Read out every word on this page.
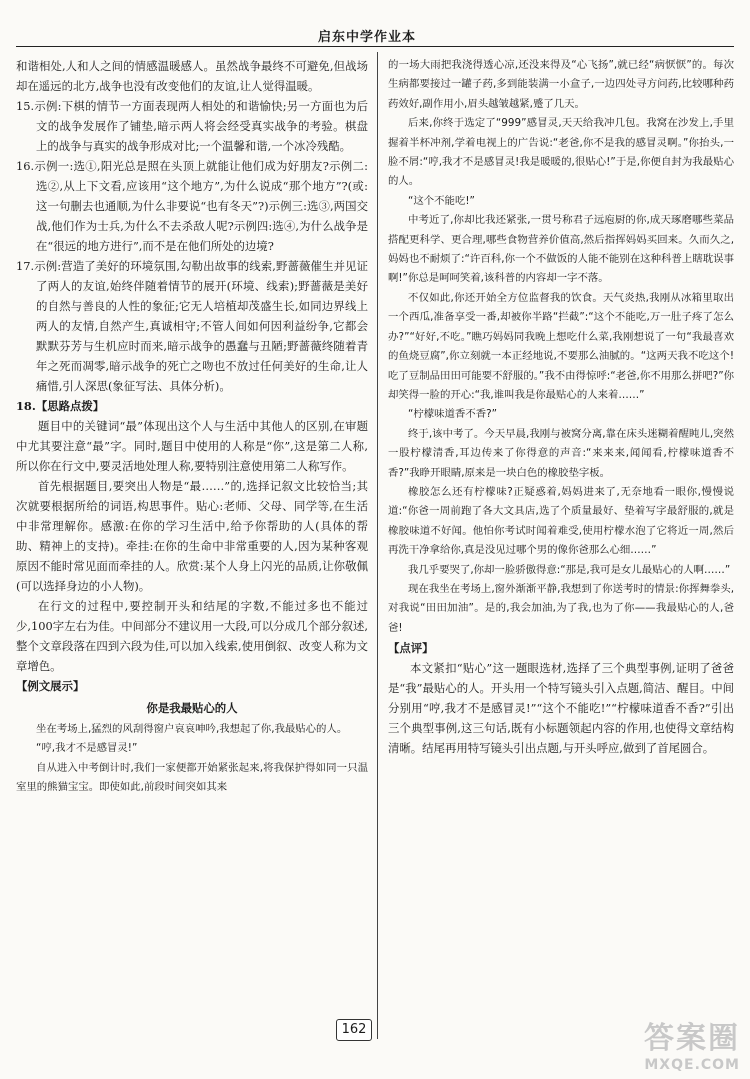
启东中学作业本

和谐相处,人和人之间的情感温暖感人。虽然战争最终不可避免,但战场却在遥远的北方,战争也没有改变他们的友谊,让人觉得温暖。

15.示例:下棋的情节一方面表现两人相处的和谐愉快;另一方面也为后文的战争发展作了铺垫,暗示两人将会经受真实战争的考验。棋盘上的战争与真实的战争形成对比;一个温馨和谐,一个冰冷残酷。

16.示例一:选①,阳光总是照在头顶上就能让他们成为好朋友?示例二:选②,从上下文看,应该用“这个地方”,为什么说成“那个地方”?(或:这一句删去也通顺,为什么非要说“也有冬天”?)示例三:选③,两国交战,他们作为士兵,为什么不去杀敌人呢?示例四:选④,为什么战争是在“很远的地方进行”,而不是在他们所处的边境?

17.示例:营造了美好的环境氛围,勾勒出故事的线索,野蔷薇催生并见证了两人的友谊,始终伴随着情节的展开(环境、线索);野蔷薇是美好的自然与善良的人性的象征;它无人培植却茂盛生长,如同边界线上两人的友情,自然产生,真诚相守;不管人间如何因利益纷争,它都会默默芬芳与生机应时而来,暗示战争的愚蠢与丑陋;野蔷薇终随着青年之死而凋零,暗示战争的死亡之吻也不放过任何美好的生命,让人痛惜,引人深思(象征写法、具体分析)。

18.【思路点拨】

题目中的关键词“最”体现出这个人与生活中其他人的区别,在审题中尤其要注意“最”字。同时,题目中使用的人称是“你”,这是第二人称,所以你在行文中,要灵活地处理人称,要特别注意使用第二人称写作。

首先根据题目,要突出人物是“最……”的,选择记叙文比较恰当;其次就要根据所给的词语,构思事件。贴心:老师、父母、同学等,在生活中非常理解你。感激:在你的学习生活中,给予你帮助的人(具体的帮助、精神上的支持)。牵挂:在你的生命中非常重要的人,因为某种客观原因不能时常见面而牵挂的人。欣赏:某个人身上闪光的品质,让你敬佩(可以选择身边的小人物)。

在行文的过程中,要控制开头和结尾的字数,不能过多也不能过少,100字左右为佳。中间部分不建议用一大段,可以分成几个部分叙述,整个文章段落在四到六段为佳,可以加入线索,使用倒叙、改变人称为文章增色。

【例文展示】

你是我最贴心的人

坐在考场上,猛烈的风刮得窗户哀哀呻吟,我想起了你,我最贴心的人。

“哼,我才不是感冒灵!”

自从进入中考倒计时,我们一家便都开始紧张起来,将我保护得如同一只温室里的熊猫宝宝。即使如此,前段时间突如其来

的一场大雨把我浇得透心凉,还没来得及“心飞扬”,就已经“病恹恹”的。每次生病都要接过一罐子药,多到能装满一小盒子,一边四处寻方问药,比较哪种药药效好,副作用小,眉头越皱越紧,蹙了几天。

后来,你终于选定了“999”感冒灵,天天给我冲几包。我窝在沙发上,手里握着半杯冲剂,学着电视上的广告说:“老爸,你不是我的感冒灵啊。”你抬头,一脸不屑:“哼,我才不是感冒灵!我是暖暖的,很贴心!”于是,你便自封为我最贴心的人。

“这个不能吃!”

中考近了,你却比我还紧张,一贯号称君子远庖厨的你,成天琢磨哪些菜品搭配更科学、更合理,哪些食物营养价值高,然后指挥妈妈买回来。久而久之,妈妈也不耐烦了:“许百科,你一个不做饭的人能不能别在这种科普上瞎耽误事啊!”你总是呵呵笑着,该科普的内容却一字不落。

不仅如此,你还开始全方位监督我的饮食。天气炎热,我刚从冰箱里取出一个西瓜,准备享受一番,却被你半路“拦截”:“这个不能吃,万一肚子疼了怎么办?”“好好,不吃。”瞧巧妈妈同我晚上想吃什么菜,我刚想说了一句“我最喜欢的鱼烧豆腐”,你立刻就一本正经地说,不要那么油腻的。“这两天我不吃这个!吃了豆制品田田可能要不舒服的。”我不由得惊呼:“老爸,你不用那么拼吧?”你却笑得一脸的开心:“我,谁叫我是你最贴心的人来着……”

“柠檬味道香不香?”

终于,该中考了。今天早晨,我刚与被窝分离,靠在床头迷糊着醒盹儿,突然一股柠檬清香,耳边传来了你得意的声音:“来来来,闻闻看,柠檬味道香不香?”我睁开眼睛,原来是一块白色的橡胶垫字板。

橡胶怎么还有柠檬味?正疑惑着,妈妈进来了,无奈地看一眼你,慢慢说道:“你爸一周前跑了各大文具店,选了个质量最好、垫着写字最舒服的,就是橡胶味道不好闻。他怕你考试时闻着难受,使用柠檬水泡了它将近一周,然后再洗干净拿给你,真是没见过哪个男的像你爸那么心细……”

我几乎要哭了,你却一脸骄傲得意:“那是,我可是女儿最贴心的人啊……”

现在我坐在考场上,窗外渐渐平静,我想到了你送考时的情景:你挥舞拳头,对我说“田田加油”。是的,我会加油,为了我,也为了你——我最贴心的人,爸爸!

【点评】

本文紧扣“贴心”这一题眼选材,选择了三个典型事例,证明了爸爸是“我”最贴心的人。开头用一个特写镜头引入点题,简洁、醒目。中间分别用“哼,我才不是感冒灵!”“这个不能吃!”“柠檬味道香不香?”引出三个典型事例,这三句话,既有小标题领起内容的作用,也使得文章结构清晰。结尾再用特写镜头引出点题,与开头呼应,做到了首尾圆合。

162	答案圈
MXQE.COM
